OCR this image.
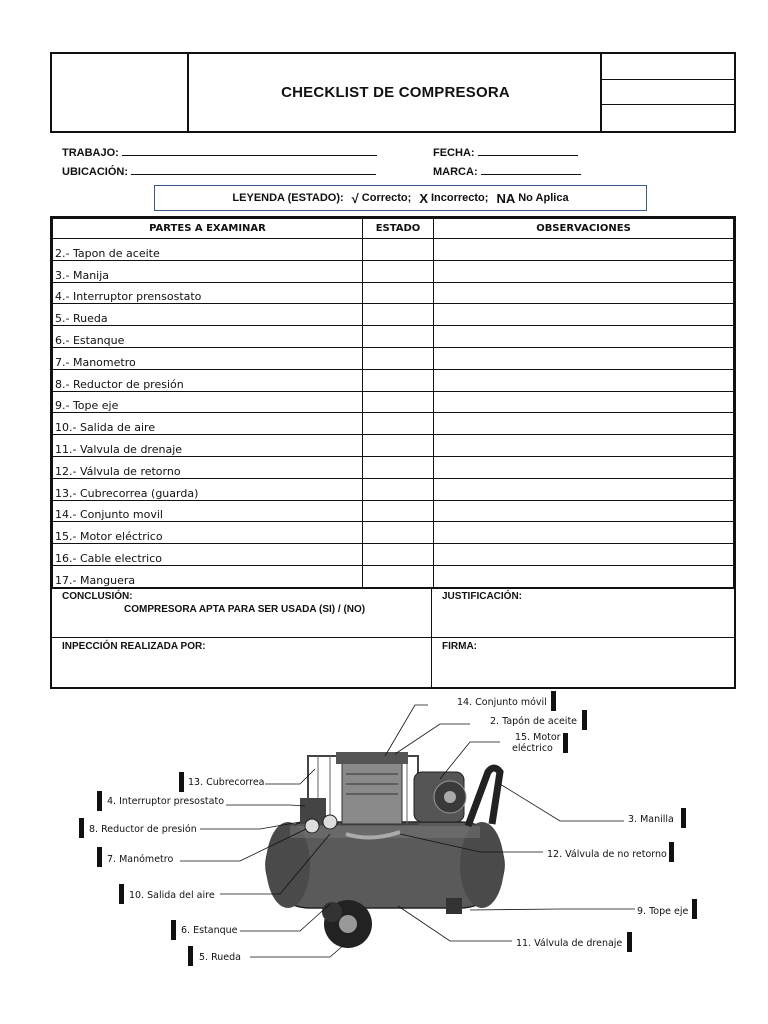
CHECKLIST DE COMPRESORA
TRABAJO:
UBICACIÓN:
FECHA:
MARCA:
LEYENDA (ESTADO): √ Correcto; X Incorrecto; NA No Aplica
PARTES A EXAMINAR	ESTADO	OBSERVACIONES
2.- Tapon de aceite		
3.- Manija		
4.- Interruptor prensostato		
5.- Rueda		
6.- Estanque		
7.- Manometro		
8.- Reductor de presión		
9.- Tope eje		
10.- Salida de aire		
11.- Valvula de drenaje		
12.- Válvula de retorno		
13.- Cubrecorrea (guarda)		
14.- Conjunto movil		
15.- Motor eléctrico		
16.- Cable electrico		
17.- Manguera		
CONCLUSIÓN:
COMPRESORA APTA PARA SER USADA (SI) / (NO)
JUSTIFICACIÓN:
INPECCIÓN REALIZADA POR:	FIRMA:
14. Conjunto móvil
2. Tapón de aceite
15. Motor
eléctrico
13. Cubrecorrea
4. Interruptor presostato
8. Reductor de presión
7. Manómetro
10. Salida del aire
6. Estanque
5. Rueda
3. Manilla
12. Válvula de no retorno
9. Tope eje
11. Válvula de drenaje
